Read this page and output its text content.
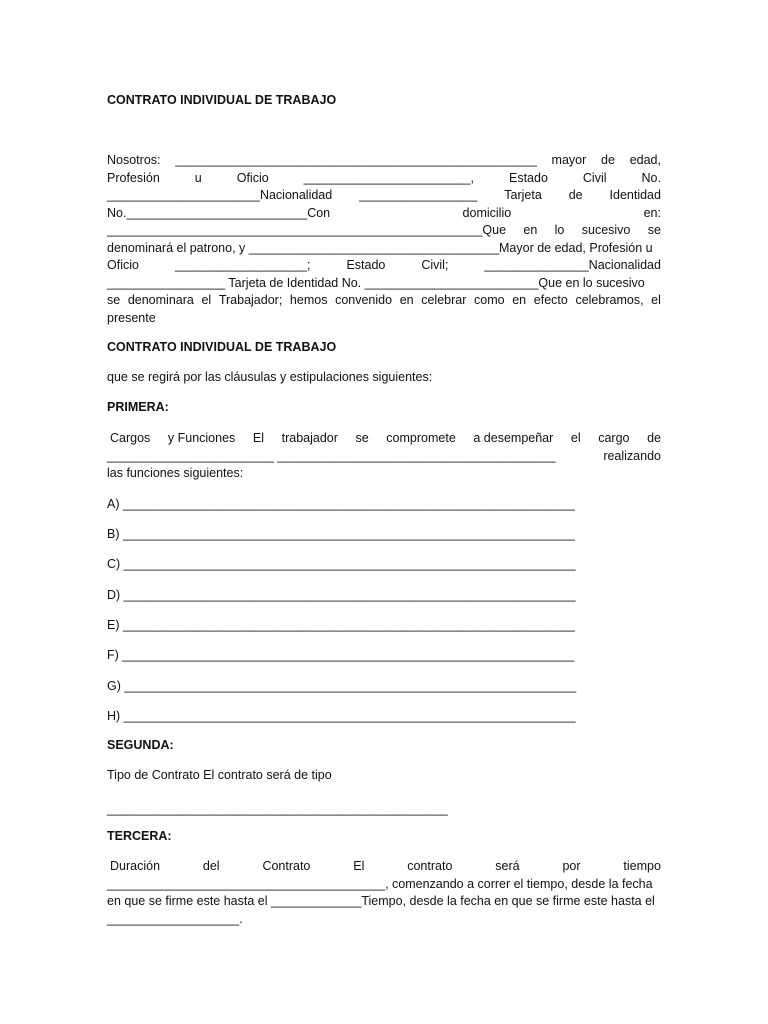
CONTRATO INDIVIDUAL DE TRABAJO
Nosotros: ____________________________________________________ mayor de edad,
Profesión	u	Oficio	________________________,	Estado	Civil	No.
______________________Nacionalidad _________________ Tarjeta de Identidad
No.__________________________Con	domicilio	en:
______________________________________________________Que en lo sucesivo se
denominará el patrono, y ____________________________________Mayor de edad, Profesión u
Oficio	___________________;	Estado	Civil;	_______________Nacionalidad
_________________ Tarjeta de Identidad No. _________________________Que en lo sucesivo
se denominara el Trabajador; hemos convenido en celebrar como en efecto celebramos, el
presente
CONTRATO INDIVIDUAL DE TRABAJO
que se regirá por las cláusulas y estipulaciones siguientes:
PRIMERA:
Cargos y Funciones El trabajador se compromete a desempeñar el cargo de
________________________ ________________________________________	realizando
las funciones siguientes:
A) _________________________________________________________________
B) _________________________________________________________________
C) _________________________________________________________________
D) _________________________________________________________________
E) _________________________________________________________________
F) _________________________________________________________________
G) _________________________________________________________________
H) _________________________________________________________________
SEGUNDA:
Tipo de Contrato El contrato será de tipo
_________________________________________________
TERCERA:
Duración	del	Contrato	El	contrato	será	por	tiempo
________________________________________, comenzando a correr el tiempo, desde la fecha
en que se firme este hasta el _____________Tiempo, desde la fecha en que se firme este hasta el
___________________.
